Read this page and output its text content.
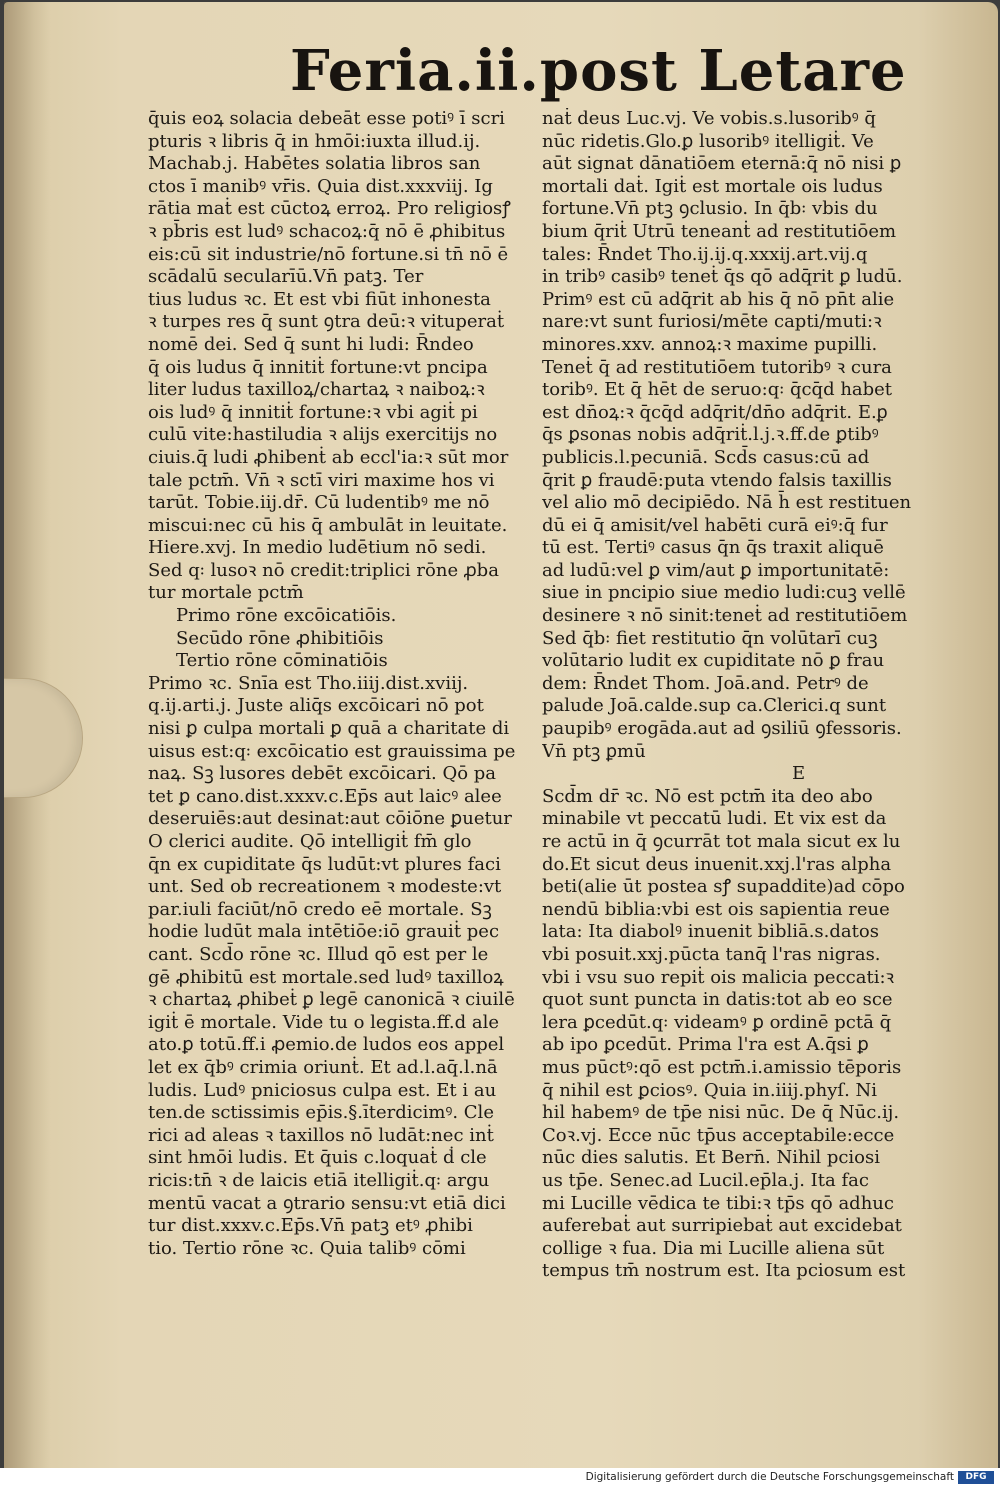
Feria.ii.post Letare
q̄uis eoꝝ solacia debeāt esse potiꝰ ī scri
pturis ꝛ libris q̄ in hmōi:iuxta illud.ij.
Machab.j. Habētes solatia libros san
ctos ī manibꝰ vr̄is. Quia dist.xxxviij. Ig
rātia maṫ est cūctoꝝ erroꝝ. Pro religiosꝭ
ꝛ pb̄ris est ludꝰ schacoꝝ:q̄ nō ē ꝓhibitus
eis:cū sit industrie/nō fortune.si tn̄ nō ē
scādalū secularīū.Vn̄ patꝫ. Ter
tius ludus ꝛc. Et est vbi fiūt inhonesta
ꝛ turpes res q̄ sunt ꝯtra deū:ꝛ vituperaṫ
nomē dei. Sed q̄ sunt hi ludi: R̄ndeo
q̄ ois ludus q̄ innitiṫ fortune:vt pncipa
liter ludus taxilloꝝ/chartaꝝ ꝛ naiboꝝ:ꝛ
ois ludꝰ q̄ innitiṫ fortune:ꝛ vbi agiṫ pi
culū vite:hastiludia ꝛ alijs exercitijs no
ciuis.q̄ ludi ꝓhibenṫ ab eccl'ia:ꝛ sūt mor
tale pctm̄. Vn̄ ꝛ sctī viri maxime hos vi
tarūt. Tobie.iij.dr̄. Cū ludentibꝰ me nō
miscui:nec cū his q̄ ambulāt in leuitate.
Hiere.xvj. In medio ludētium nō sedi.
Sed q꞉ lusoꝛ nō credit:triplici rōne ꝓba
tur mortale pctm̄
Primo rōne excōicatiōis.
Secūdo rōne ꝓhibitiōis
Tertio rōne cōminatiōis
Primo ꝛc. Snīa est Tho.iiij.dist.xviij.
q.ij.arti.j. Juste aliq̄s excōicari nō pot
nisi ꝑ culpa mortali ꝑ quā a charitate di
uisus est:q꞉ excōicatio est grauissima pe
naꝝ. Sꝫ lusores debēt excōicari. Qō pa
tet ꝑ cano.dist.xxxv.c.Ep̄s aut laicꝰ alee
deseruiēs:aut desinat:aut cōiōne ꝑuetur
O clerici audite. Qō intelligiṫ fm̄ glo
q̄n ex cupiditate q̄s ludūt:vt plures faci
unt. Sed ob recreationem ꝛ modeste:vt
par.iuli faciūt/nō credo eē mortale. Sꝫ
hodie ludūt mala intētiōe:iō grauiṫ pec
cant. Scd̄o rōne ꝛc. Illud qō est per le
gē ꝓhibitū est mortale.sed ludꝰ taxilloꝝ
ꝛ chartaꝝ ꝓhibeṫ ꝑ legē canonicā ꝛ ciuilē
igiṫ ē mortale. Vide tu o legista.ff.d ale
ato.ꝑ totū.ff.i ꝓemio.de ludos eos appel
let ex q̄bꝰ crimia oriunṫ. Et ad.l.aq̄.l.nā
ludis. Ludꝰ pniciosus culpa est. Et i au
ten.de sctissimis ep̄is.§.īterdicimꝰ. Cle
rici ad aleas ꝛ taxillos nō ludāt:nec inṫ
sint hmōi ludis. Et q̄uis c.loquaṫ ḋ cle
ricis:tn̄ ꝛ de laicis etiā itelligiṫ.q꞉ argu
mentū vacat a ꝯtrario sensu:vt etiā dici
tur dist.xxxv.c.Ep̄s.Vn̄ patꝫ etꝰ ꝓhibi
tio. Tertio rōne ꝛc. Quia talibꝰ cōmi
naṫ deus Luc.vj. Ve vobis.s.lusoribꝰ q̄
nūc ridetis.Glo.ꝑ lusoribꝰ itelligiṫ. Ve
aūt signat dānatiōem eternā:q̄ nō nisi ꝑ
mortali daṫ. Igiṫ est mortale ois ludus
fortune.Vn̄ ptꝫ ꝯclusio. In q̄b꞉ vbis du
bium q̄riṫ Utrū teneanṫ ad restitutiōem
tales: R̄ndet Tho.ij.ij.q.xxxij.art.vij.q
in tribꝰ casibꝰ teneṫ q̄s qō adq̄rit ꝑ ludū.
Primꝰ est cū adq̄rit ab his q̄ nō pn̄t alie
nare:vt sunt furiosi/mēte capti/muti:ꝛ
minores.xxv. annoꝝ:ꝛ maxime pupilli.
Teneṫ q̄ ad restitutiōem tutoribꝰ ꝛ cura
toribꝰ. Et q̄ hēt de seruo:q꞉ q̄cq̄d habet
est dn̄oꝝ:ꝛ q̄cq̄d adq̄rit/dn̄o adq̄rit. E.ꝑ
q̄s ꝑsonas nobis adq̄riṫ.l.j.ꝛ.ff.de ꝑtibꝰ
publicis.l.pecuniā. Scd̄s casus:cū ad
q̄rit ꝑ fraudē:puta vtendo falsis taxillis
vel alio mō decipiēdo. Nā h̄ est restituen
dū ei q̄ amisit/vel habēti curā eiꝰ:q̄ fur
tū est. Tertiꝰ casus q̄n q̄s traxit aliquē
ad ludū:vel ꝑ vim/aut ꝑ importunitatē:
siue in pncipio siue medio ludi:cuꝫ vellē
desinere ꝛ nō sinit:teneṫ ad restitutiōem
Sed q̄b꞉ fiet restitutio q̄n volūtarī cuꝫ
volūtario ludit ex cupiditate nō ꝑ frau
dem: R̄ndet Thom. Joā.and. Petrꝰ de
palude Joā.calde.sup ca.Clerici.q sunt
paupibꝰ erogāda.aut ad ꝯsiliū ꝯfessoris.
Vn̄ ptꝫ ꝑmū
E
Scd̄m dr̄ ꝛc. Nō est pctm̄ ita deo abo
minabile vt peccatū ludi. Et vix est da
re actū in q̄ ꝯcurrāt tot mala sicut ex lu
do.Et sicut deus inuenit.xxj.l'ras alpha
beti(alie ūt postea sꝭ supaddite)ad cōpo
nendū biblia:vbi est ois sapientia reue
lata: Ita diabolꝰ inuenit bibliā.s.datos
vbi posuit.xxj.pūcta tanq̄ l'ras nigras.
vbi i vsu suo repiṫ ois malicia peccati:ꝛ
quot sunt puncta in datis:tot ab eo sce
lera ꝑcedūt.q꞉ videamꝰ ꝑ ordinē pctā q̄
ab ipo ꝑcedūt. Prima l'ra est A.q̄si ꝑ
mus pūctꝰ:qō est pctm̄.i.amissio tēporis
q̄ nihil est ꝑciosꝰ. Quia in.iiij.phyſ. Ni
hil habemꝰ de tp̄e nisi nūc. De q̄ Nūc.ij.
Coꝛ.vj. Ecce nūc tp̄us acceptabile:ecce
nūc dies salutis. Et Bern̄. Nihil pciosi
us tp̄e. Senec.ad Lucil.ep̄la.j. Ita fac
mi Lucille vēdica te tibi:ꝛ tp̄s qō adhuc
auferebaṫ aut surripiebaṫ aut excidebat
collige ꝛ fua. Dia mi Lucille aliena sūt
tempus tm̄ nostrum est. Ita pciosum est
Digitalisierung gefördert durch die Deutsche Forschungsgemeinschaft	DFG
